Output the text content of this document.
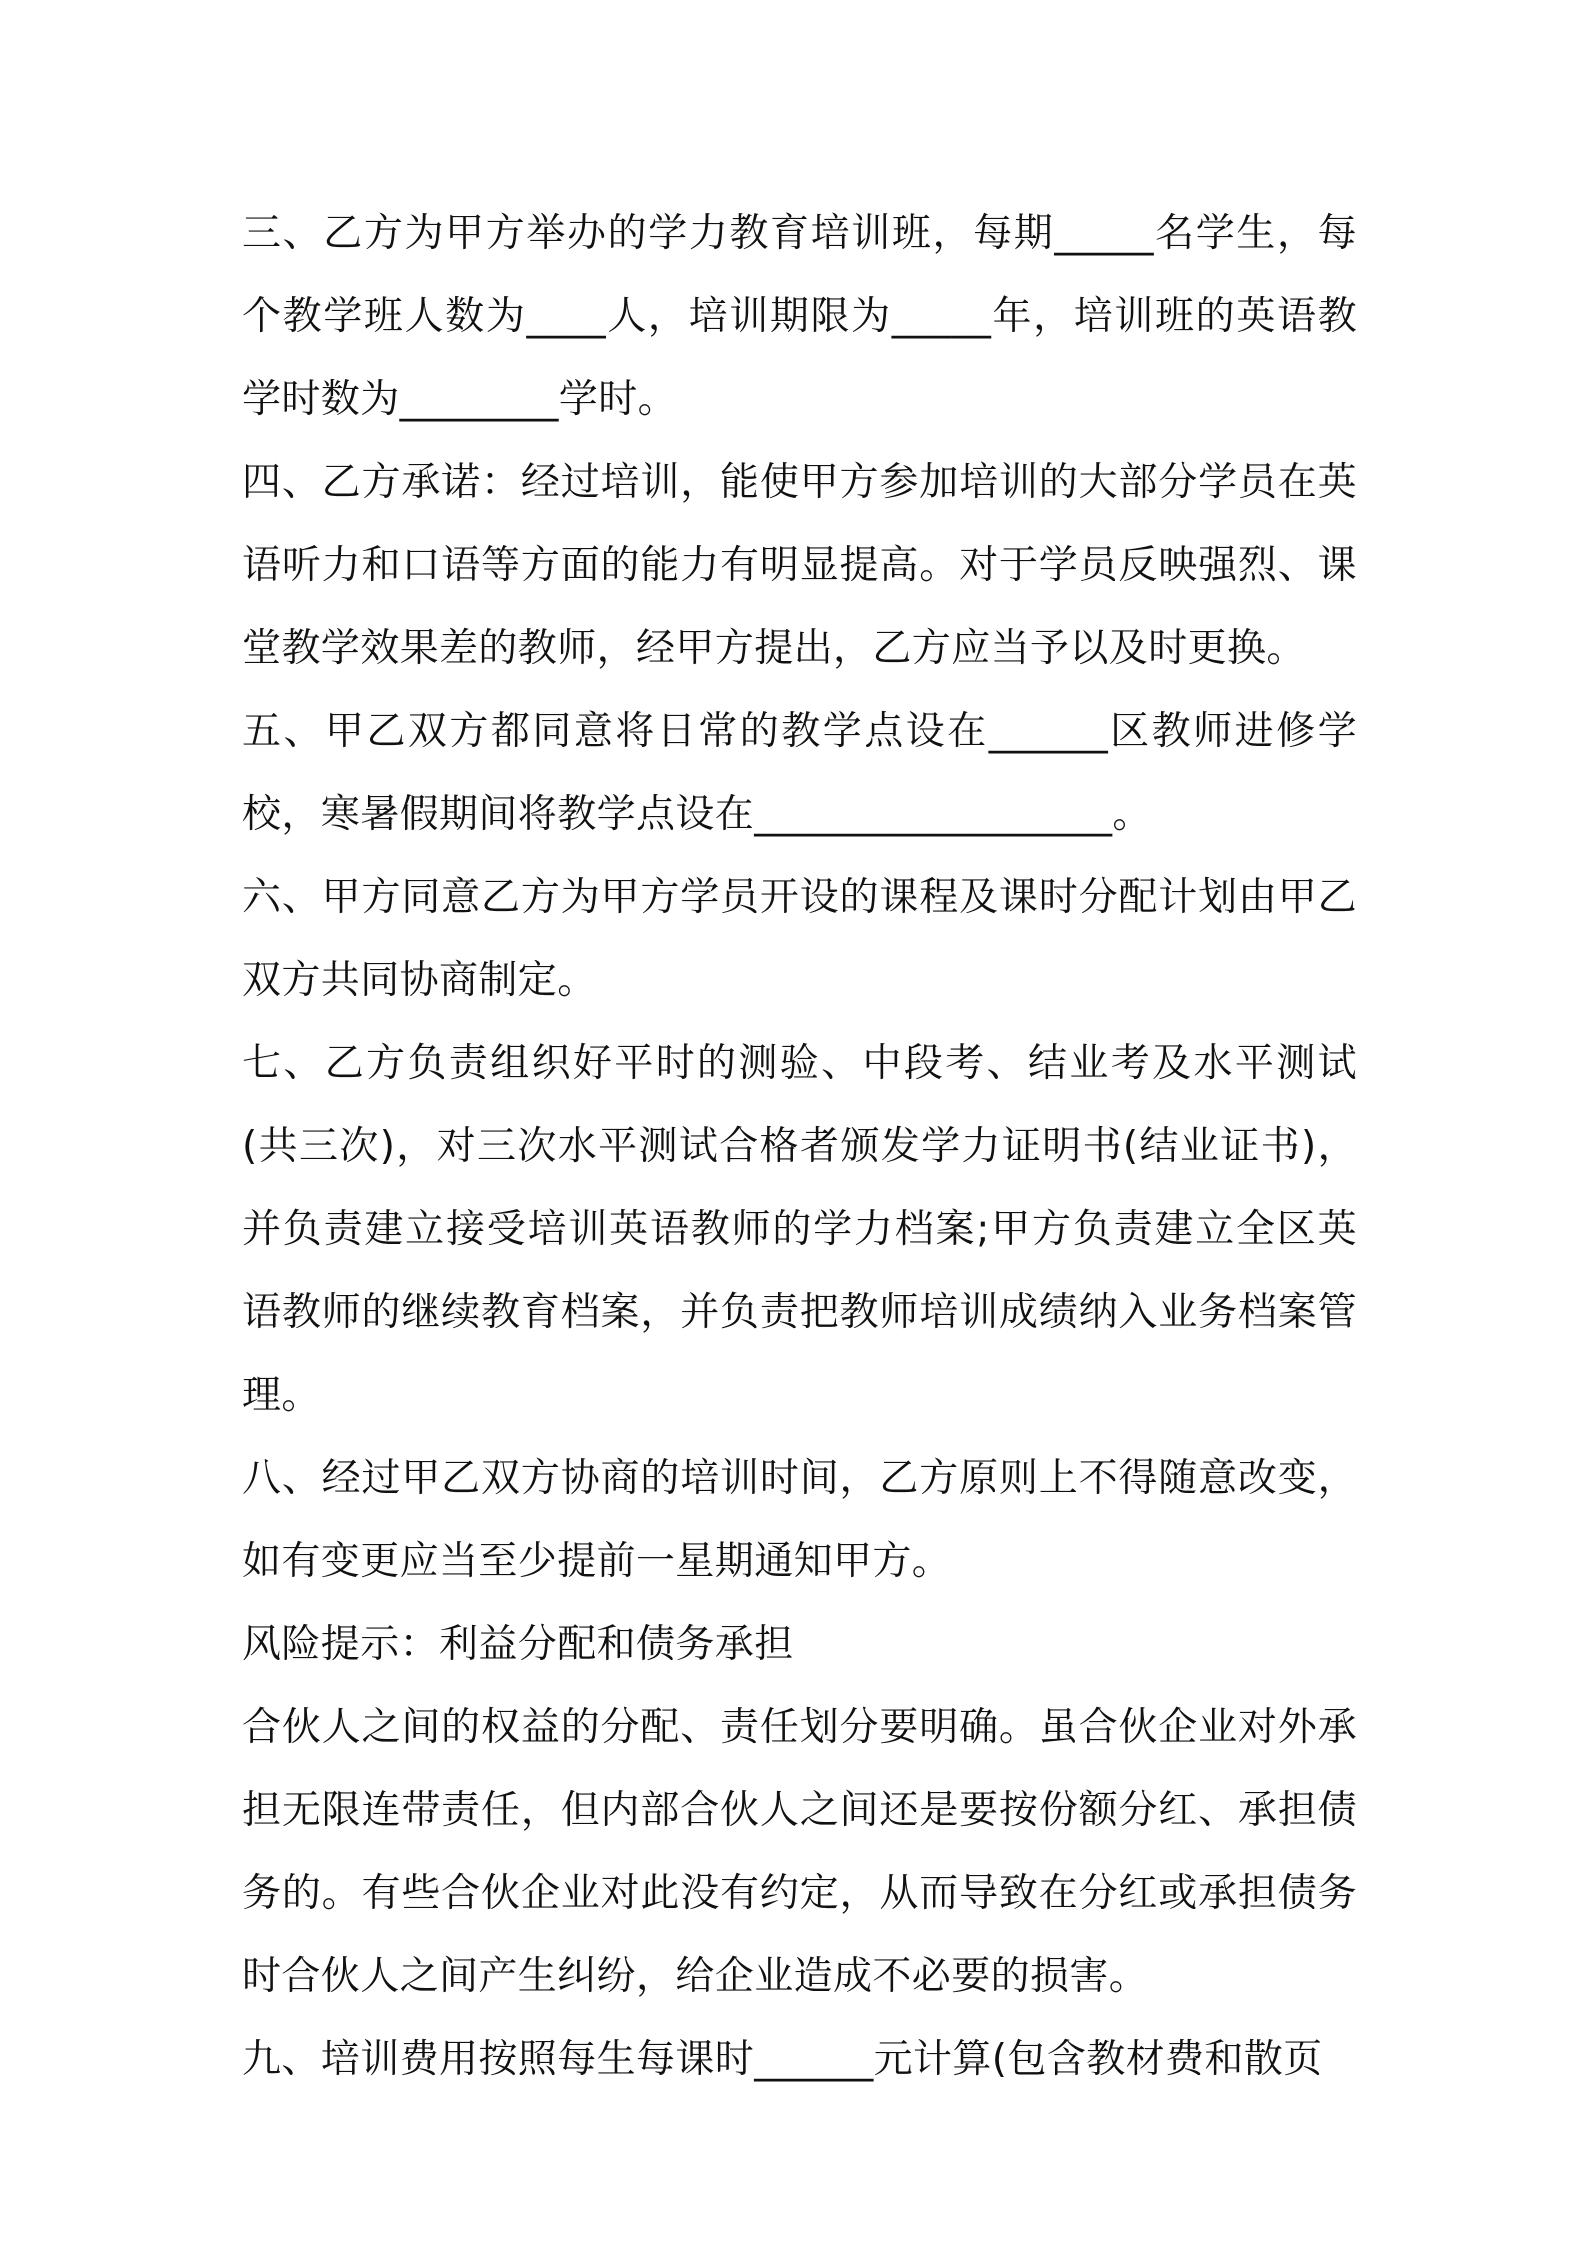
三、乙方为甲方举办的学力教育培训班，每期_____名学生，每个教学班人数为____人，培训期限为_____年，培训班的英语教学时数为________学时。

四、乙方承诺：经过培训，能使甲方参加培训的大部分学员在英语听力和口语等方面的能力有明显提高。对于学员反映强烈、课堂教学效果差的教师，经甲方提出，乙方应当予以及时更换。

五、甲乙双方都同意将日常的教学点设在______区教师进修学校，寒暑假期间将教学点设在__________________。

六、甲方同意乙方为甲方学员开设的课程及课时分配计划由甲乙双方共同协商制定。

七、乙方负责组织好平时的测验、中段考、结业考及水平测试(共三次)，对三次水平测试合格者颁发学力证明书(结业证书)，并负责建立接受培训英语教师的学力档案;甲方负责建立全区英语教师的继续教育档案，并负责把教师培训成绩纳入业务档案管理。

八、经过甲乙双方协商的培训时间，乙方原则上不得随意改变，如有变更应当至少提前一星期通知甲方。

风险提示：利益分配和债务承担

合伙人之间的权益的分配、责任划分要明确。虽合伙企业对外承担无限连带责任，但内部合伙人之间还是要按份额分红、承担债务的。有些合伙企业对此没有约定，从而导致在分红或承担债务时合伙人之间产生纠纷，给企业造成不必要的损害。

九、培训费用按照每生每课时______元计算(包含教材费和散页
